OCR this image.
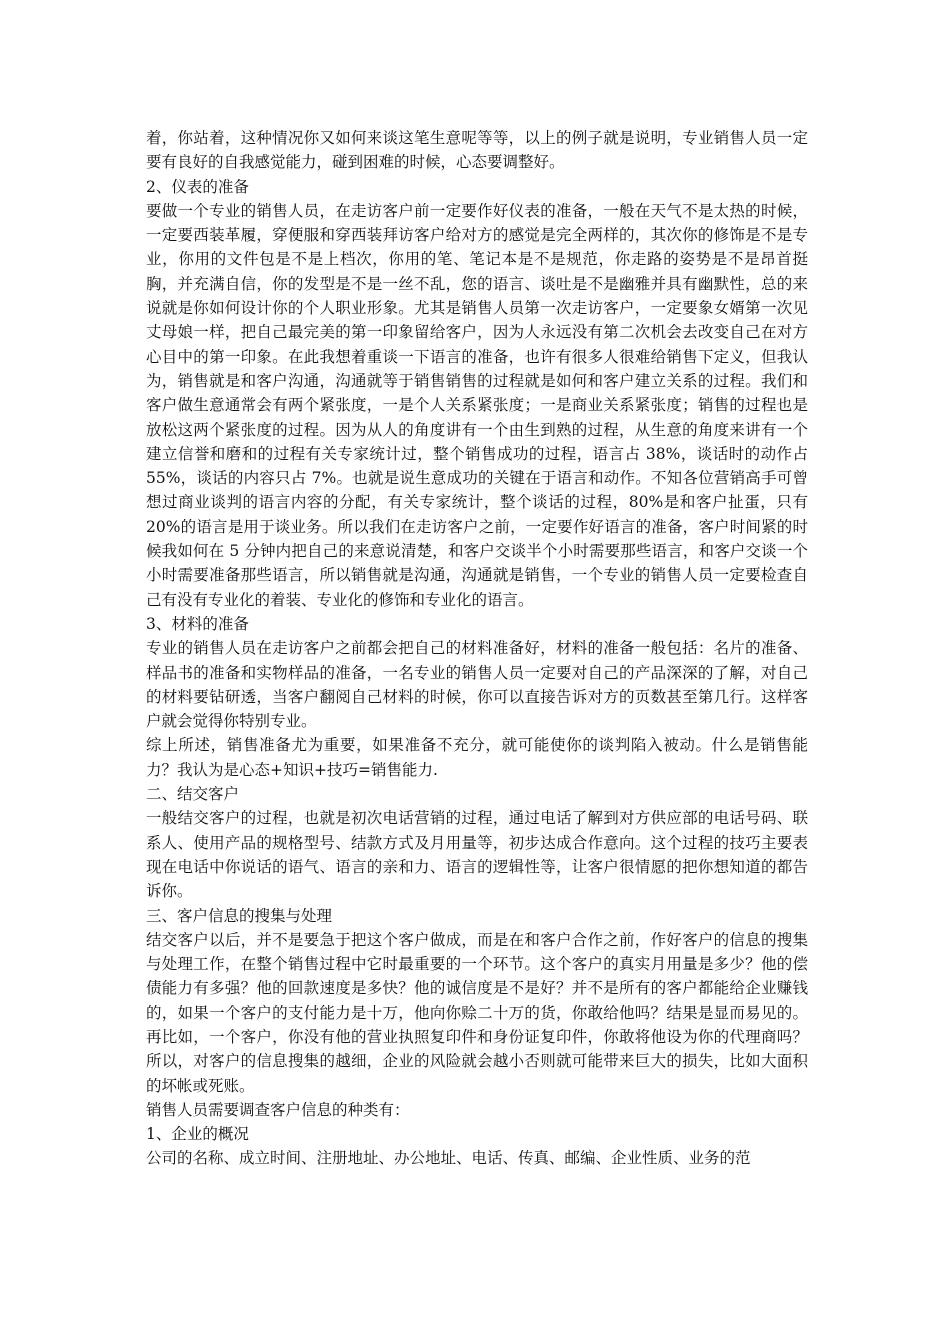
着，你站着，这种情况你又如何来谈这笔生意呢等等，以上的例子就是说明，专业销售人员一定要有良好的自我感觉能力，碰到困难的时候，心态要调整好。

2、仪表的准备

要做一个专业的销售人员，在走访客户前一定要作好仪表的准备，一般在天气不是太热的时候，一定要西装革履，穿便服和穿西装拜访客户给对方的感觉是完全两样的，其次你的修饰是不是专业，你用的文件包是不是上档次，你用的笔、笔记本是不是规范，你走路的姿势是不是昂首挺胸，并充满自信，你的发型是不是一丝不乱，您的语言、谈吐是不是幽雅并具有幽默性，总的来说就是你如何设计你的个人职业形象。尤其是销售人员第一次走访客户，一定要象女婿第一次见丈母娘一样，把自己最完美的第一印象留给客户，因为人永远没有第二次机会去改变自己在对方心目中的第一印象。在此我想着重谈一下语言的准备，也许有很多人很难给销售下定义，但我认为，销售就是和客户沟通，沟通就等于销售销售的过程就是如何和客户建立关系的过程。我们和客户做生意通常会有两个紧张度，一是个人关系紧张度；一是商业关系紧张度；销售的过程也是放松这两个紧张度的过程。因为从人的角度讲有一个由生到熟的过程，从生意的角度来讲有一个建立信誉和磨和的过程有关专家统计过，整个销售成功的过程，语言占 38%，谈话时的动作占 55%，谈话的内容只占 7%。也就是说生意成功的关键在于语言和动作。不知各位营销高手可曾想过商业谈判的语言内容的分配，有关专家统计，整个谈话的过程，80%是和客户扯蛋，只有 20%的语言是用于谈业务。所以我们在走访客户之前，一定要作好语言的准备，客户时间紧的时候我如何在 5 分钟内把自己的来意说清楚，和客户交谈半个小时需要那些语言，和客户交谈一个小时需要准备那些语言，所以销售就是沟通，沟通就是销售，一个专业的销售人员一定要检查自己有没有专业化的着装、专业化的修饰和专业化的语言。

3、材料的准备

专业的销售人员在走访客户之前都会把自己的材料准备好，材料的准备一般包括：名片的准备、样品书的准备和实物样品的准备，一名专业的销售人员一定要对自己的产品深深的了解，对自己的材料要钻研透，当客户翻阅自己材料的时候，你可以直接告诉对方的页数甚至第几行。这样客户就会觉得你特别专业。

综上所述，销售准备尤为重要，如果准备不充分，就可能使你的谈判陷入被动。什么是销售能力？我认为是心态+知识+技巧=销售能力.

二、结交客户

一般结交客户的过程，也就是初次电话营销的过程，通过电话了解到对方供应部的电话号码、联系人、使用产品的规格型号、结款方式及月用量等，初步达成合作意向。这个过程的技巧主要表现在电话中你说话的语气、语言的亲和力、语言的逻辑性等，让客户很情愿的把你想知道的都告诉你。

三、客户信息的搜集与处理

结交客户以后，并不是要急于把这个客户做成，而是在和客户合作之前，作好客户的信息的搜集与处理工作，在整个销售过程中它时最重要的一个环节。这个客户的真实月用量是多少？他的偿债能力有多强？他的回款速度是多快？他的诚信度是不是好？并不是所有的客户都能给企业赚钱的，如果一个客户的支付能力是十万，他向你赊二十万的货，你敢给他吗？结果是显而易见的。再比如，一个客户，你没有他的营业执照复印件和身份证复印件，你敢将他设为你的代理商吗？所以，对客户的信息搜集的越细，企业的风险就会越小否则就可能带来巨大的损失，比如大面积的坏帐或死账。

销售人员需要调查客户信息的种类有：

1、企业的概况

公司的名称、成立时间、注册地址、办公地址、电话、传真、邮编、企业性质、业务的范
